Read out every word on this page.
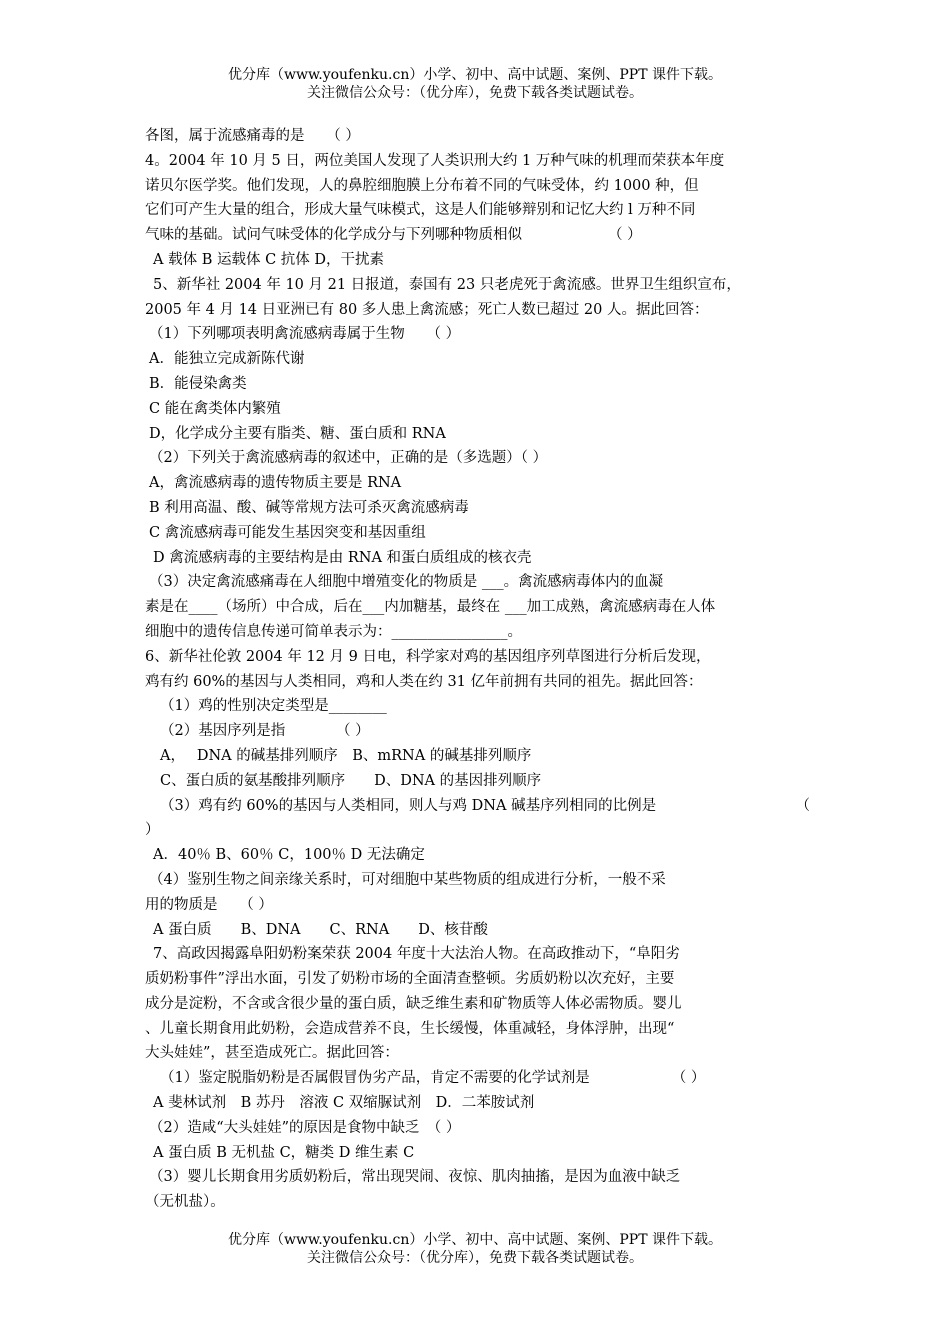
优分库（www.youfenku.cn）小学、初中、高中试题、案例、PPT 课件下载。
关注微信公众号：（优分库），免费下载各类试题试卷。
各图，属于流感痛毒的是　　（ ）
4。2004 年 10 月 5 日，两位美国人发现了人类识刑大约 1 万种气味的机理而荣获本年度
诺贝尔医学奖。他们发现，人的鼻腔细胞膜上分布着不同的气味受体，约 1000 种，但
它们可产生大量的组合，形成大量气味模式，这是人们能够辩别和记忆大约 l 万种不同
气味的基础。试问气味受体的化学成分与下列哪种物质相似	（ ）
A 载体 B 运载体 C 抗体 D，干扰素
5、新华社 2004 年 10 月 21 日报道，泰国有 23 只老虎死于禽流感。世界卫生组织宣布，
2005 年 4 月 14 日亚洲已有 80 多人患上禽流感；死亡人数已超过 20 人。据此回答：
（1）下列哪项表明禽流感病毒属于生物　　（ ）
A．能独立完成新陈代谢
B．能侵染禽类
C 能在禽类体内繁殖
D，化学成分主要有脂类、糖、蛋白质和 RNA
（2）下列关于禽流感病毒的叙述中，正确的是（多选题）（ ）
A，禽流感病毒的遗传物质主要是 RNA
B 利用高温、酸、碱等常规方法可杀灭禽流感病毒
C 禽流感病毒可能发生基因突变和基因重组
D 禽流感病毒的主要结构是由 RNA 和蛋白质组成的核衣壳
（3）决定禽流感痛毒在人细胞中增殖变化的物质是 ___。禽流感病毒体内的血凝
素是在____（场所）中合成，后在___内加糖基，最终在 ___加工成熟，禽流感病毒在人体
细胞中的遗传信息传递可简单表示为：________________。
6、新华社伦敦 2004 年 12 月 9 日电，科学家对鸡的基因组序列草图进行分析后发现，
鸡有约 60%的基因与人类相同，鸡和人类在约 31 亿年前拥有共同的祖先。据此回答：
（1）鸡的性别决定类型是________
（2）基因序列是指　　　　（ ）
A，　 DNA 的碱基排列顺序　B、mRNA 的碱基排列顺序
C、蛋白质的氨基酸排列顺序　　D、DNA 的基因排列顺序
（3）鸡有约 60%的基因与人类相同，则人与鸡 DNA 碱基序列相同的比例是	（
）
A．40％ B、60％ C，100％ D 无法确定
（4）鉴别生物之间亲缘关系时，可对细胞中某些物质的组成进行分析，一般不采
用的物质是　　（ ）
A 蛋白质　　B、DNA　　C、RNA　　D、核苷酸
7、高政因揭露阜阳奶粉案荣获 2004 年度十大法治人物。在高政推动下，“阜阳劣
质奶粉事件”浮出水面，引发了奶粉市场的全面清查整顿。劣质奶粉以次充好，主要
成分是淀粉，不含或含很少量的蛋白质，缺乏维生素和矿物质等人体必需物质。婴儿
、儿童长期食用此奶粉，会造成营养不良，生长缓慢，体重减轻，身体浮肿，出现“
大头娃娃”，甚至造成死亡。据此回答：
（1）鉴定脱脂奶粉是否属假冒伪劣产品，肯定不需要的化学试剂是	（ ）
A 斐林试剂　B 苏丹　溶液 C 双缩脲试剂　D．二苯胺试剂
（2）造咸“大头娃娃”的原因是食物中缺乏　（ ）
A 蛋白质 B 无机盐 C，糖类 D 维生素 C
（3）婴儿长期食用劣质奶粉后，常出现哭闹、夜惊、肌肉抽搐，是因为血液中缺乏
（无机盐）。
优分库（www.youfenku.cn）小学、初中、高中试题、案例、PPT 课件下载。
关注微信公众号：（优分库），免费下载各类试题试卷。
